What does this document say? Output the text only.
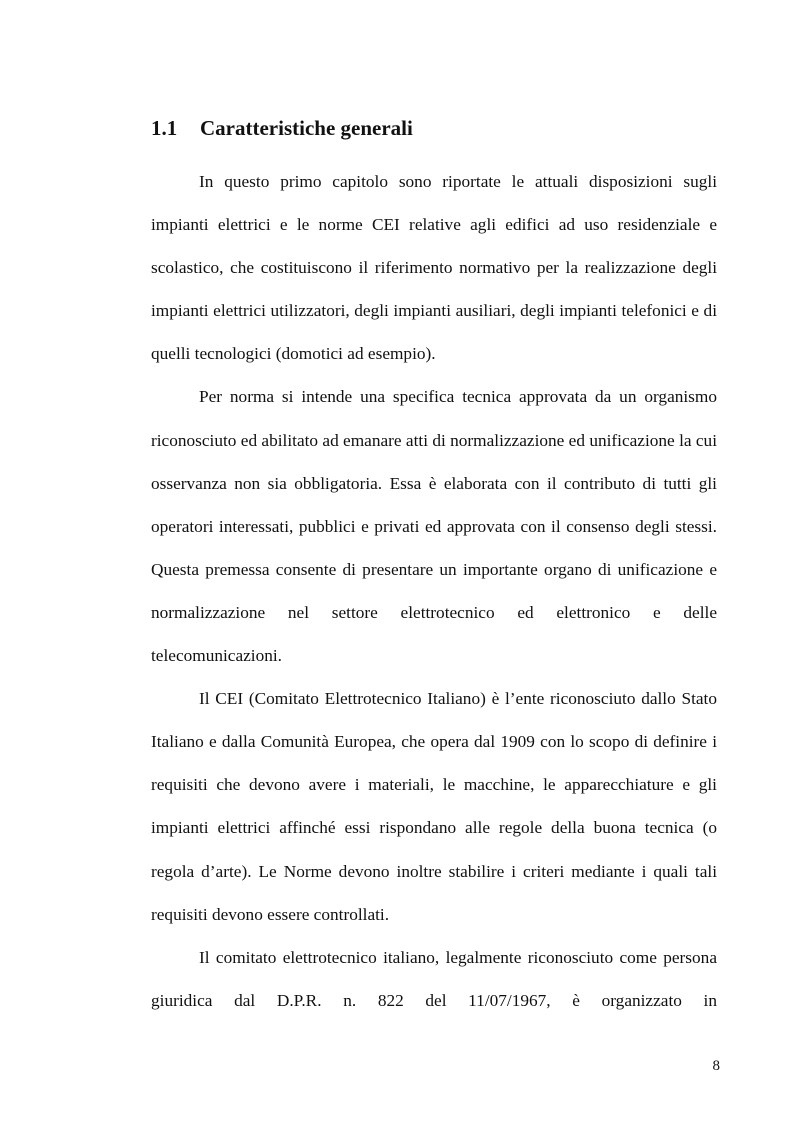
1.1 Caratteristiche generali

In questo primo capitolo sono riportate le attuali disposizioni sugli impianti elettrici e le norme CEI relative agli edifici ad uso residenziale e scolastico, che costituiscono il riferimento normativo per la realizzazione degli impianti elettrici utilizzatori, degli impianti ausiliari, degli impianti telefonici e di quelli tecnologici (domotici ad esempio).

Per norma si intende una specifica tecnica approvata da un organismo riconosciuto ed abilitato ad emanare atti di normalizzazione ed unificazione la cui osservanza non sia obbligatoria. Essa è elaborata con il contributo di tutti gli operatori interessati, pubblici e privati ed approvata con il consenso degli stessi. Questa premessa consente di presentare un importante organo di unificazione e normalizzazione nel settore elettrotecnico ed elettronico e delle telecomunicazioni.

Il CEI (Comitato Elettrotecnico Italiano) è l’ente riconosciuto dallo Stato Italiano e dalla Comunità Europea, che opera dal 1909 con lo scopo di definire i requisiti che devono avere i materiali, le macchine, le apparecchiature e gli impianti elettrici affinché essi rispondano alle regole della buona tecnica (o regola d’arte). Le Norme devono inoltre stabilire i criteri mediante i quali tali requisiti devono essere controllati.

Il comitato elettrotecnico italiano, legalmente riconosciuto come persona giuridica dal D.P.R. n. 822 del 11/07/1967, è organizzato in

8
